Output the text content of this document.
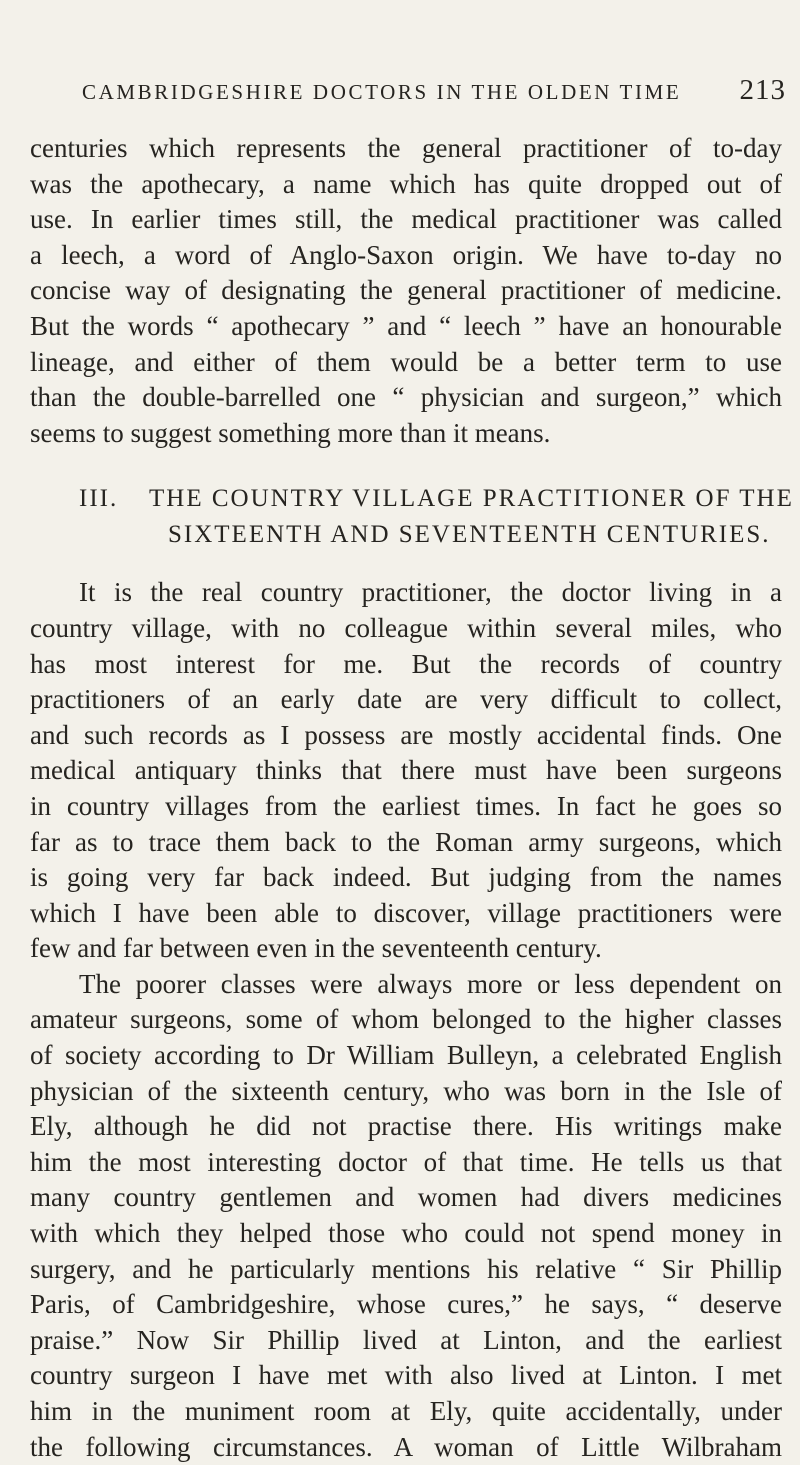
CAMBRIDGESHIRE DOCTORS IN THE OLDEN TIME 213
centuries which represents the general practitioner of to-day
was the apothecary, a name which has quite dropped out of
use. In earlier times still, the medical practitioner was called
a leech, a word of Anglo-Saxon origin. We have to-day no
concise way of designating the general practitioner of medicine.
But the words “ apothecary ” and “ leech ” have an honourable
lineage, and either of them would be a better term to use
than the double-barrelled one “ physician and surgeon,” which
seems to suggest something more than it means.
III. THE COUNTRY VILLAGE PRACTITIONER OF THE
SIXTEENTH AND SEVENTEENTH CENTURIES.
It is the real country practitioner, the doctor living in a
country village, with no colleague within several miles, who
has most interest for me. But the records of country
practitioners of an early date are very difficult to collect,
and such records as I possess are mostly accidental finds. One
medical antiquary thinks that there must have been surgeons
in country villages from the earliest times. In fact he goes so
far as to trace them back to the Roman army surgeons, which
is going very far back indeed. But judging from the names
which I have been able to discover, village practitioners were
few and far between even in the seventeenth century.
The poorer classes were always more or less dependent on
amateur surgeons, some of whom belonged to the higher classes
of society according to Dr William Bulleyn, a celebrated English
physician of the sixteenth century, who was born in the Isle of
Ely, although he did not practise there. His writings make
him the most interesting doctor of that time. He tells us that
many country gentlemen and women had divers medicines
with which they helped those who could not spend money in
surgery, and he particularly mentions his relative “ Sir Phillip
Paris, of Cambridgeshire, whose cures,” he says, “ deserve
praise.” Now Sir Phillip lived at Linton, and the earliest
country surgeon I have met with also lived at Linton. I met
him in the muniment room at Ely, quite accidentally, under
the following circumstances. A woman of Little Wilbraham
